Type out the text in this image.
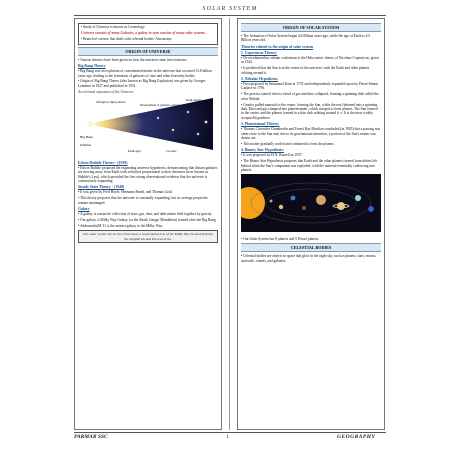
SOLAR SYSTEM

• Study of Universe is known as Cosmology.

Universe consists of many Galaxies, a galaxy in turn consists of many solar systems.

• Branch of science that deals with celestial bodies: Astronomy.

ORIGIN OF UNIVERSE

• Various theories have been given on how the universe came into existence.

Big Bang Theory

• Big Bang was an explosion of concentrated matter in the universe that occurred 13.8 billion years ago, leading to the formation of galaxies of stars and other heavenly bodies.

• Origin of Big Bang Theory (also known as Big Bang Explosion) was given by Georges Lemaitre in 1927 and published in 1931.

Accelerated expansion of the Universe
Big Bang
Dark energy
Afterglow light pattern
Dark ages
Development of galaxies, planets, etc.
1st stars
Inflation
Edwin Hubble Theory - (1929)

• Edwin Hubble proposed the expanding universe hypothesis, demonstrating that distant galaxies are moving away from Earth with velocities proportional to their distances (now known as Hubble's Law), which provided the first strong observational evidence that the universe is continuously expanding.

Steady State Theory - (1948)

• It was given by Fred Hoyle, Hermann Bondi, and Thomas Gold.

• This theory proposes that the universe is constantly expanding, but its average properties remain unchanged.

Galaxy

• A galaxy is a massive collection of stars, gas, dust, and dark matter held together by gravity.

• Our galaxy is Milky Way Galaxy (or the Akash Ganga/ Mandakini) formed after the Big Bang.

• Andromeda(M-31 is the nearest galaxy to the Milky Way.

Our solar system lies in the Orion Spur, a small spiral arm of the Milky Way located between the Sagittarius and Perseus arms.
ORIGIN OF SOLAR SYSTEM

• The formation of Solar System began 4.6 Billion years ago, while the age of Earth is 4.5 Billion years old.

Theories related to the origin of solar system
1. Copernicus Theory:

• De revolutionibus orbium coelestium is the Heliocentric theory of Nicolaus Copernicus, given in 1543.

• It predicted that the Sun is at the centre of the universe, with the Earth and other planets orbiting around it.

2. Nebular Hypothesis:

• First proposed by Immanuel Kant in 1755 and independently expanded upon by Pierre-Simon Laplace in 1796.

• The process started when a cloud of gas and dust collapsed, forming a spinning disk called the solar Nebula.

• Gravity pulled material to the center, forming the Sun, while the rest flattened into a spinning disk. Dust and gas clumped into planetesimals, which merged to form planets. The Sun formed in the center, and the planets formed in a thin disk orbiting around it ⇒ It is the most widely accepted hypothesis.

3. Planetesimal Theory:

• Thomas Chrowder Chamberlin and Forest Ray Moulton concluded (in 1905) that a passing star came close to the Sun and, due to its gravitational attraction, a portion of the Sun's matter was drawn out.

• This matter gradually cooled and combined to form the planets.

4. Binary Star Hypothesis:

• It was proposed by H.N. Russell in 1937.

• The Binary Star Hypothesis proposes that Earth and the other planets formed from debris left behind when the Sun's companion star exploded, with the material eventually coalescing into planets.

• Our Solar System has 8 planets and 5 Dwarf planets.

CELESTIAL BODIES

• Celestial bodies are objects in space that glow in the night sky, such as planets, stars, moons, asteroids, comets, and galaxies.

PARMAR SSC	1	GEOGRAPHY
